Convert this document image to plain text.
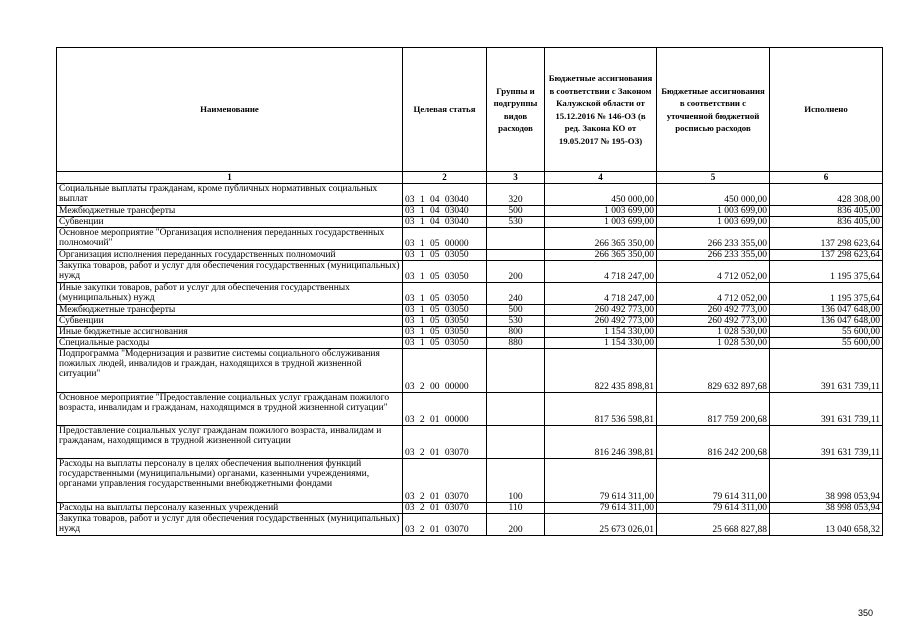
Наименование	Целевая статья	Группы и подгруппы видов расходов	Бюджетные ассигнования в соответствии с Законом Калужской области от 15.12.2016 № 146-ОЗ (в ред. Закона КО от 19.05.2017 № 195-ОЗ)	Бюджетные ассигнования в соответствии с уточненной бюджетной росписью расходов	Исполнено
1	2	3	4	5	6
Социальные выплаты гражданам, кроме публичных нормативных социальных выплат	03 1 04 03040	320	450 000,00	450 000,00	428 308,00
Межбюджетные трансферты	03 1 04 03040	500	1 003 699,00	1 003 699,00	836 405,00
Субвенции	03 1 04 03040	530	1 003 699,00	1 003 699,00	836 405,00
Основное мероприятие "Организация исполнения переданных государственных полномочий"	03 1 05 00000		266 365 350,00	266 233 355,00	137 298 623,64
Организация исполнения переданных государственных полномочий	03 1 05 03050		266 365 350,00	266 233 355,00	137 298 623,64
Закупка товаров, работ и услуг для обеспечения государственных (муниципальных) нужд	03 1 05 03050	200	4 718 247,00	4 712 052,00	1 195 375,64
Иные закупки товаров, работ и услуг для обеспечения государственных (муниципальных) нужд	03 1 05 03050	240	4 718 247,00	4 712 052,00	1 195 375,64
Межбюджетные трансферты	03 1 05 03050	500	260 492 773,00	260 492 773,00	136 047 648,00
Субвенции	03 1 05 03050	530	260 492 773,00	260 492 773,00	136 047 648,00
Иные бюджетные ассигнования	03 1 05 03050	800	1 154 330,00	1 028 530,00	55 600,00
Специальные расходы	03 1 05 03050	880	1 154 330,00	1 028 530,00	55 600,00
Подпрограмма "Модернизация и развитие системы социального обслуживания пожилых людей, инвалидов и граждан, находящихся в трудной жизненной ситуации"	03 2 00 00000		822 435 898,81	829 632 897,68	391 631 739,11
Основное мероприятие "Предоставление социальных услуг гражданам пожилого возраста, инвалидам и гражданам, находящимся в трудной жизненной ситуации"	03 2 01 00000		817 536 598,81	817 759 200,68	391 631 739,11
Предоставление социальных услуг гражданам пожилого возраста, инвалидам и гражданам, находящимся в трудной жизненной ситуации	03 2 01 03070		816 246 398,81	816 242 200,68	391 631 739,11
Расходы на выплаты персоналу в целях обеспечения выполнения функций государственными (муниципальными) органами, казенными учреждениями, органами управления государственными внебюджетными фондами	03 2 01 03070	100	79 614 311,00	79 614 311,00	38 998 053,94
Расходы на выплаты персоналу казенных учреждений	03 2 01 03070	110	79 614 311,00	79 614 311,00	38 998 053,94
Закупка товаров, работ и услуг для обеспечения государственных (муниципальных) нужд	03 2 01 03070	200	25 673 026,01	25 668 827,88	13 040 658,32
350
